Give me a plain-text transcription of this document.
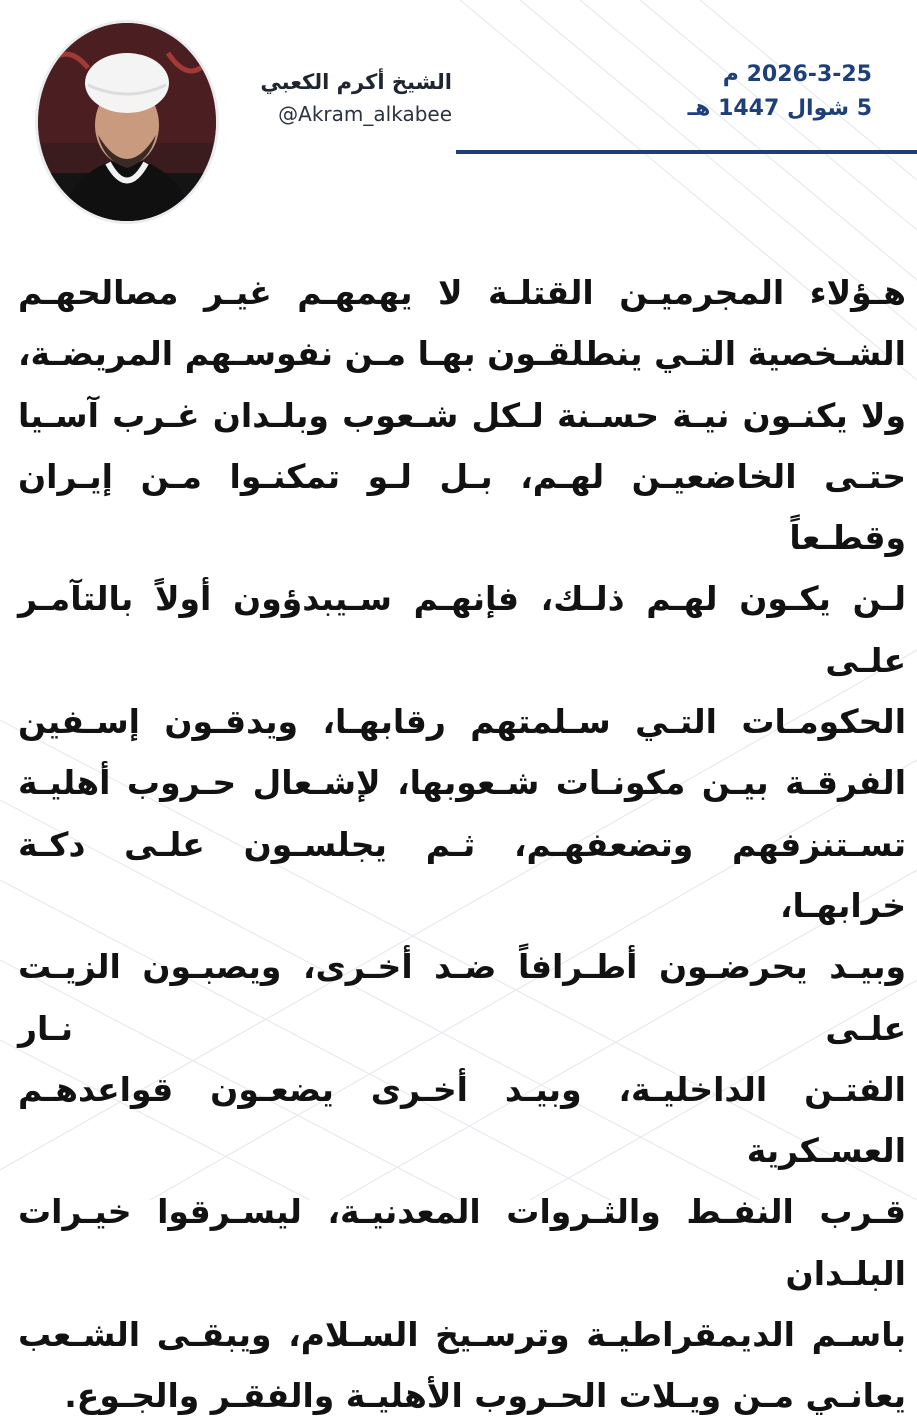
الشيخ أكرم الكعبي
@Akram_alkabee
2026-3-25 م
5 شوال 1447 هـ

هـؤلاء المجرميـن القتلـة لا يهمهـم غيـر مصالحهـم
الشـخصية التـي ينطلقـون بهـا مـن نفوسـهم المريضـة،
ولا يكنـون نيـة حسـنة لـكل شـعوب وبلـدان غـرب آسـيا
حتـى الخاضعيـن لهـم، بـل لـو تمكنـوا مـن إيـران وقطـعاً
لـن يكـون لهـم ذلـك، فإنهـم سـيبدؤون أولاً بالتآمـر علـى
الحكومـات التـي سـلمتهم رقابهـا، ويدقـون إسـفين
الفرقـة بيـن مكونـات شـعوبها، لإشـعال حـروب أهليـة
تسـتنزفهم وتضعفهـم، ثـم يجلسـون علـى دكـة خرابهـا،
وبيـد يحرضـون أطـرافاً ضـد أخـرى، ويصبـون الزيـت علـى نـار
الفتـن الداخليـة، وبيـد أخـرى يضعـون قواعدهـم العسـكرية
قـرب النفـط والثـروات المعدنيـة، ليسـرقوا خيـرات البلـدان
باسـم الديمقراطيـة وترسـيخ السـلام، ويبقـى الشـعب
يعانـي مـن ويـلات الحـروب الأهليـة والفقـر والجـوع.
